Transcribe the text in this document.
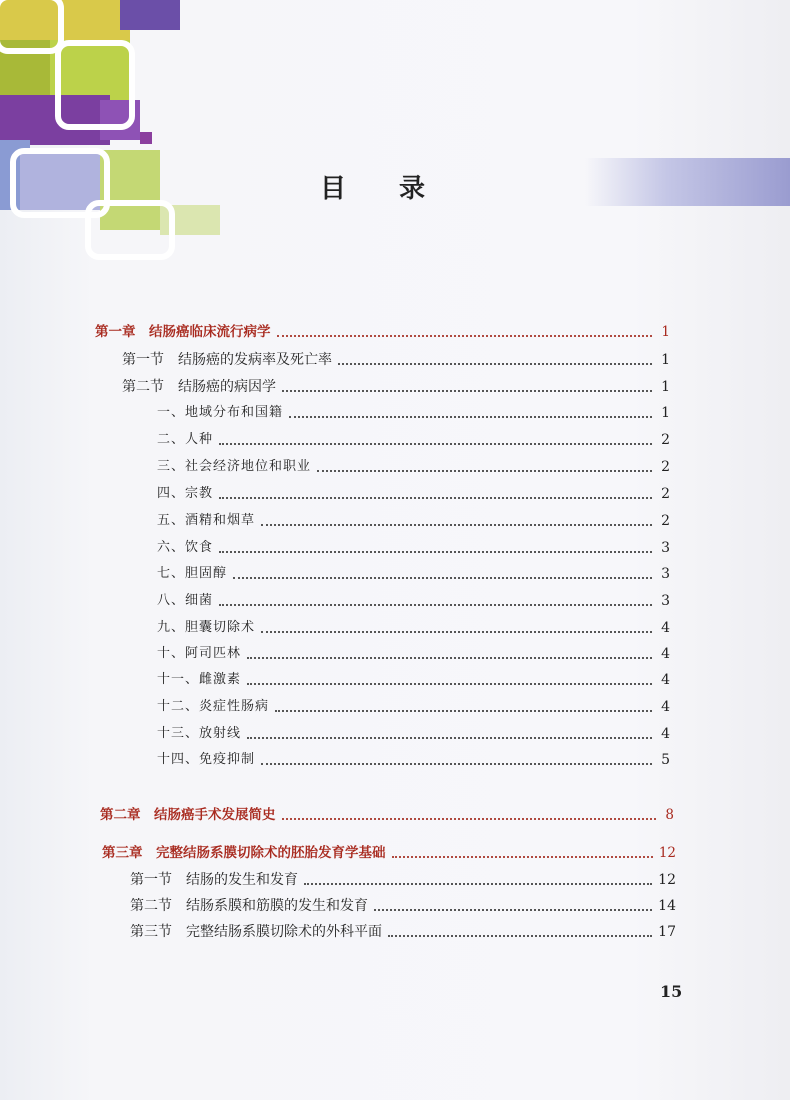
目 录
第一章　结肠癌临床流行病学	1
第一节　结肠癌的发病率及死亡率	1
第二节　结肠癌的病因学	1
一、地域分布和国籍	1
二、人种	2
三、社会经济地位和职业	2
四、宗教	2
五、酒精和烟草	2
六、饮食	3
七、胆固醇	3
八、细菌	3
九、胆囊切除术	4
十、阿司匹林	4
十一、雌激素	4
十二、炎症性肠病	4
十三、放射线	4
十四、免疫抑制	5
第二章　结肠癌手术发展简史	8
第三章　完整结肠系膜切除术的胚胎发育学基础	12
第一节　结肠的发生和发育	12
第二节　结肠系膜和筋膜的发生和发育	14
第三节　完整结肠系膜切除术的外科平面	17
15
